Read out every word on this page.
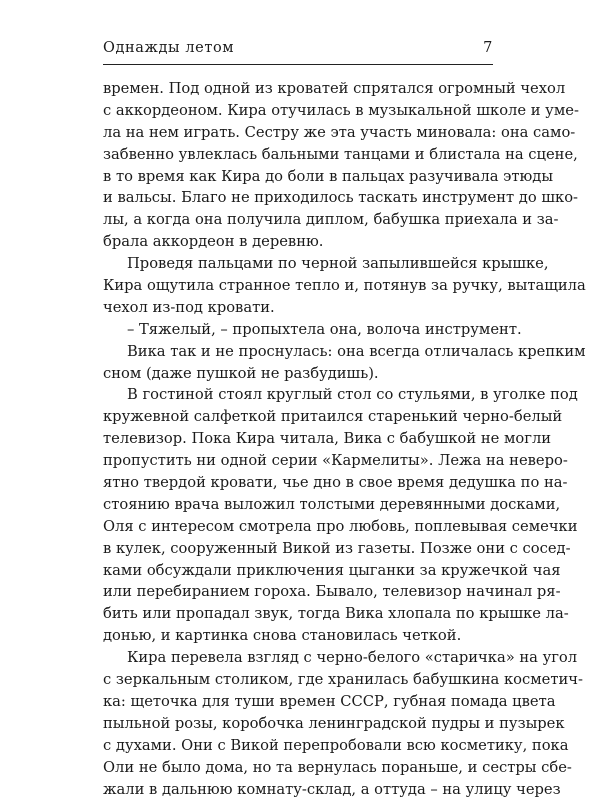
Однажды летом	7
времен. Под одной из кроватей спрятался огромный чехол
с аккордеоном. Кира отучилась в музыкальной школе и уме-
ла на нем играть. Сестру же эта участь миновала: она само-
забвенно увлеклась бальными танцами и блистала на сцене,
в то время как Кира до боли в пальцах разучивала этюды
и вальсы. Благо не приходилось таскать инструмент до шко-
лы, а когда она получила диплом, бабушка приехала и за-
брала аккордеон в деревню.
Проведя пальцами по черной запылившейся крышке,
Кира ощутила странное тепло и, потянув за ручку, вытащила
чехол из-под кровати.
– Тяжелый, – пропыхтела она, волоча инструмент.
Вика так и не проснулась: она всегда отличалась крепким
сном (даже пушкой не разбудишь).
В гостиной стоял круглый стол со стульями, в уголке под
кружевной салфеткой притаился старенький черно-белый
телевизор. Пока Кира читала, Вика с бабушкой не могли
пропустить ни одной серии «Кармелиты». Лежа на неверо-
ятно твердой кровати, чье дно в свое время дедушка по на-
стоянию врача выложил толстыми деревянными досками,
Оля с интересом смотрела про любовь, поплевывая семечки
в кулек, сооруженный Викой из газеты. Позже они с сосед-
ками обсуждали приключения цыганки за кружечкой чая
или перебиранием гороха. Бывало, телевизор начинал ря-
бить или пропадал звук, тогда Вика хлопала по крышке ла-
донью, и картинка снова становилась четкой.
Кира перевела взгляд с черно-белого «старичка» на угол
с зеркальным столиком, где хранилась бабушкина косметич-
ка: щеточка для туши времен СССР, губная помада цвета
пыльной розы, коробочка ленинградской пудры и пузырек
с духами. Они с Викой перепробовали всю косметику, пока
Оли не было дома, но та вернулась пораньше, и сестры сбе-
жали в дальнюю комнату-склад, а оттуда – на улицу через
